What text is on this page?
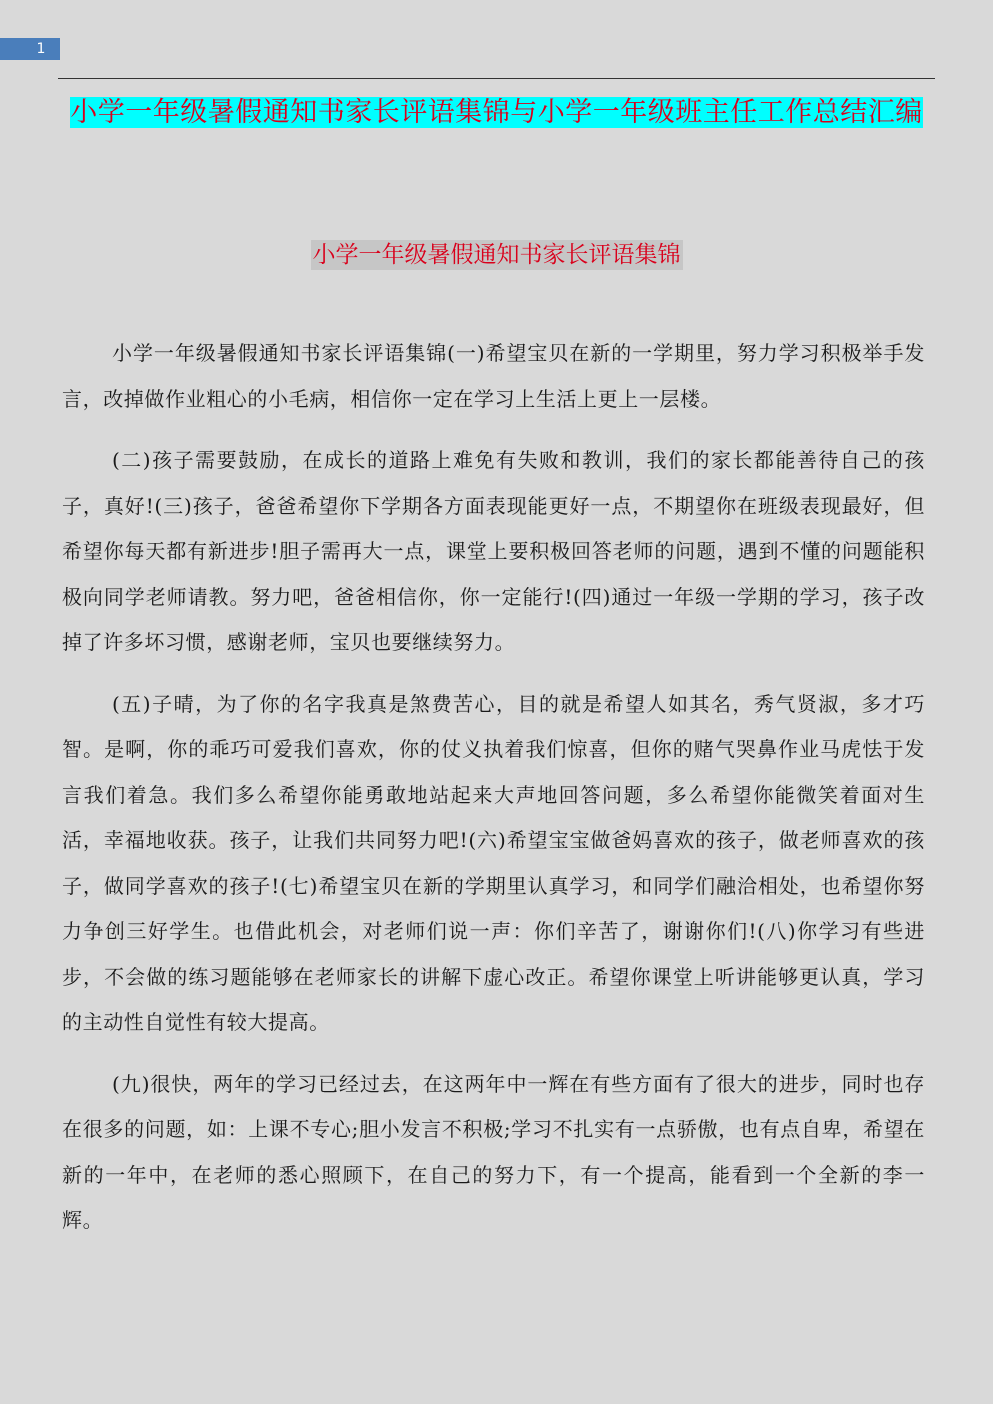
1
小学一年级暑假通知书家长评语集锦与小学一年级班主任工作总结汇编
小学一年级暑假通知书家长评语集锦

小学一年级暑假通知书家长评语集锦(一)希望宝贝在新的一学期里，努力学习积极举手发言，改掉做作业粗心的小毛病，相信你一定在学习上生活上更上一层楼。

(二)孩子需要鼓励，在成长的道路上难免有失败和教训，我们的家长都能善待自己的孩子，真好!(三)孩子，爸爸希望你下学期各方面表现能更好一点，不期望你在班级表现最好，但希望你每天都有新进步!胆子需再大一点，课堂上要积极回答老师的问题，遇到不懂的问题能积极向同学老师请教。努力吧，爸爸相信你，你一定能行!(四)通过一年级一学期的学习，孩子改掉了许多坏习惯，感谢老师，宝贝也要继续努力。

(五)子晴，为了你的名字我真是煞费苦心，目的就是希望人如其名，秀气贤淑，多才巧智。是啊，你的乖巧可爱我们喜欢，你的仗义执着我们惊喜，但你的赌气哭鼻作业马虎怯于发言我们着急。我们多么希望你能勇敢地站起来大声地回答问题，多么希望你能微笑着面对生活，幸福地收获。孩子，让我们共同努力吧!(六)希望宝宝做爸妈喜欢的孩子，做老师喜欢的孩子，做同学喜欢的孩子!(七)希望宝贝在新的学期里认真学习，和同学们融洽相处，也希望你努力争创三好学生。也借此机会，对老师们说一声：你们辛苦了，谢谢你们!(八)你学习有些进步，不会做的练习题能够在老师家长的讲解下虚心改正。希望你课堂上听讲能够更认真，学习的主动性自觉性有较大提高。

(九)很快，两年的学习已经过去，在这两年中一辉在有些方面有了很大的进步，同时也存在很多的问题，如：上课不专心;胆小发言不积极;学习不扎实有一点骄傲，也有点自卑，希望在新的一年中，在老师的悉心照顾下，在自己的努力下，有一个提高，能看到一个全新的李一辉。
